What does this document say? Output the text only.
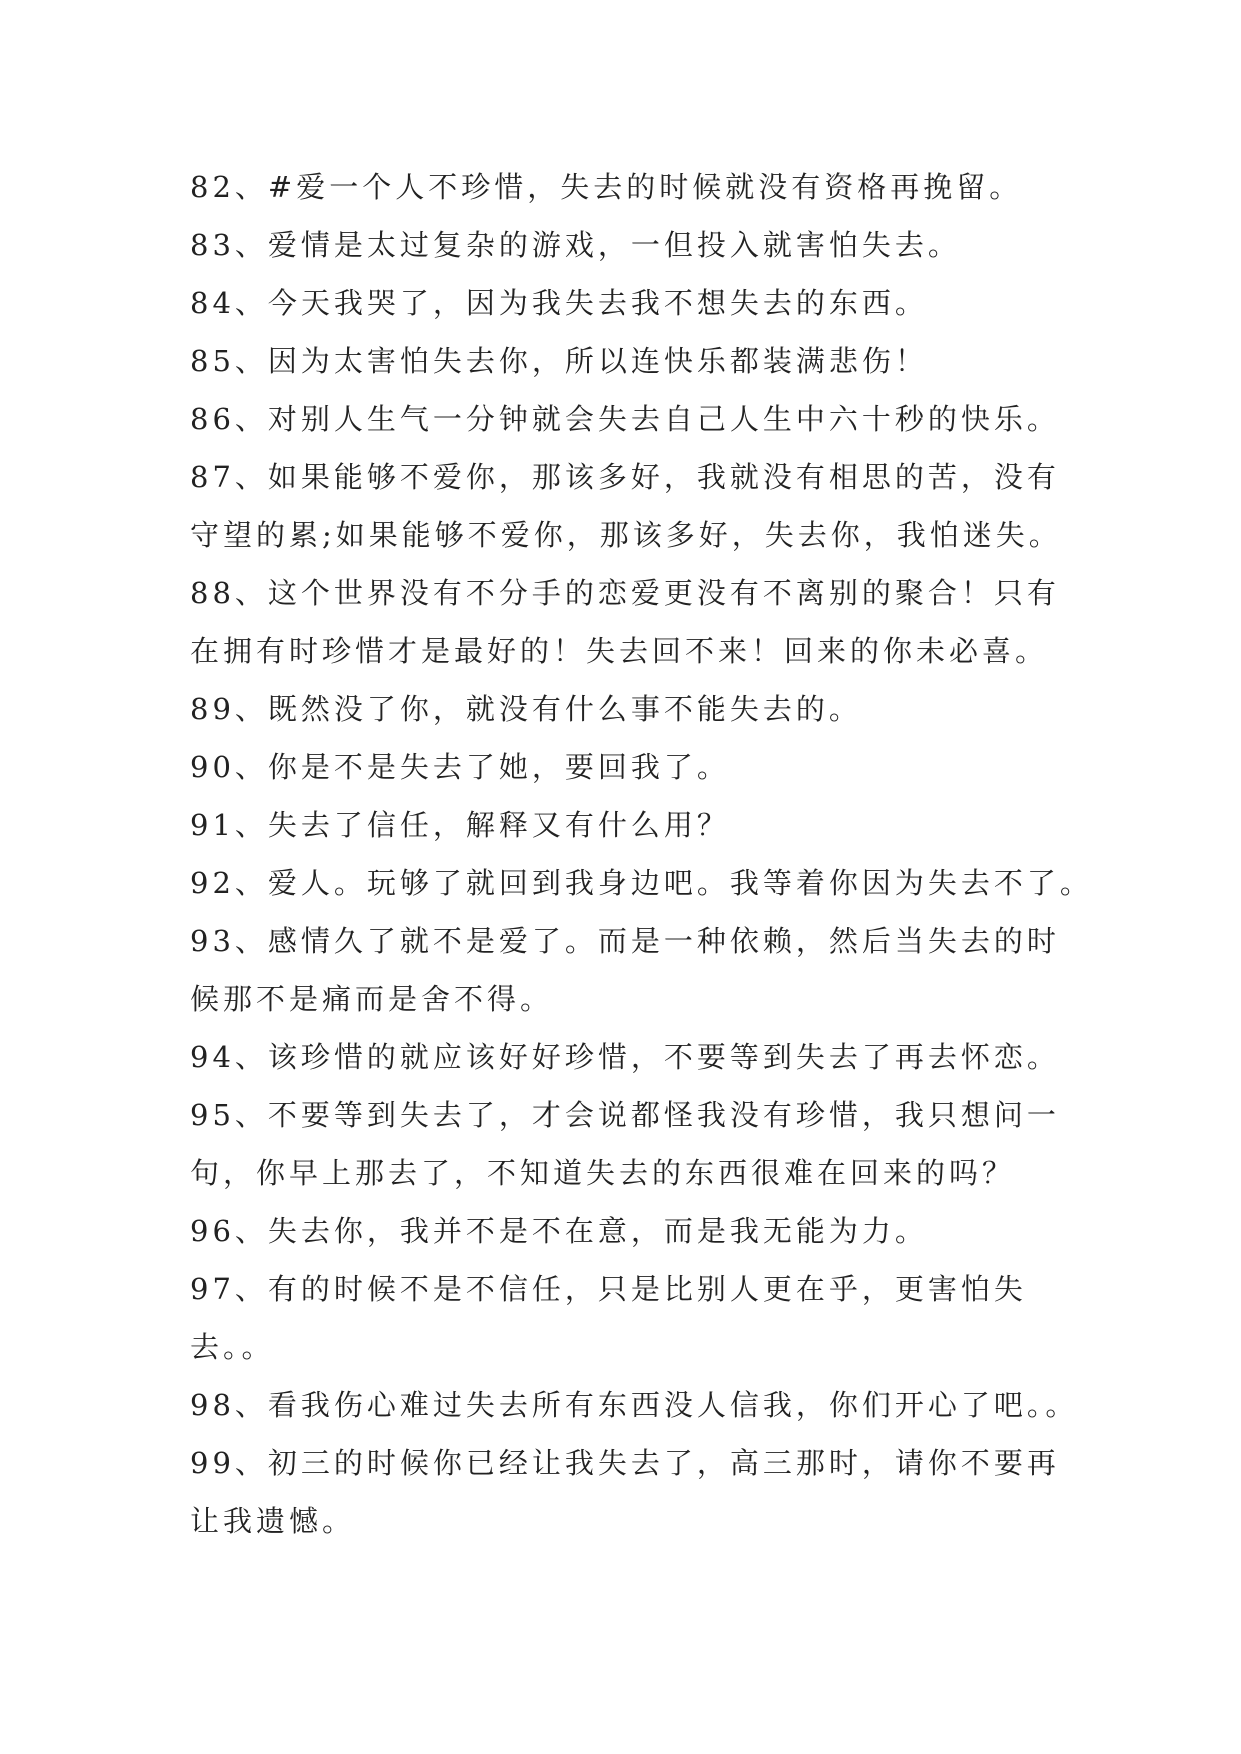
82、#爱一个人不珍惜，失去的时候就没有资格再挽留。
83、爱情是太过复杂的游戏，一但投入就害怕失去。
84、今天我哭了，因为我失去我不想失去的东西。
85、因为太害怕失去你，所以连快乐都装满悲伤！
86、对别人生气一分钟就会失去自己人生中六十秒的快乐。
87、如果能够不爱你，那该多好，我就没有相思的苦，没有
守望的累;如果能够不爱你，那该多好，失去你，我怕迷失。
88、这个世界没有不分手的恋爱更没有不离别的聚合！只有
在拥有时珍惜才是最好的！失去回不来！回来的你未必喜。
89、既然没了你，就没有什么事不能失去的。
90、你是不是失去了她，要回我了。
91、失去了信任，解释又有什么用？
92、爱人。玩够了就回到我身边吧。我等着你因为失去不了。
93、感情久了就不是爱了。而是一种依赖，然后当失去的时
候那不是痛而是舍不得。
94、该珍惜的就应该好好珍惜，不要等到失去了再去怀恋。
95、不要等到失去了，才会说都怪我没有珍惜，我只想问一
句，你早上那去了，不知道失去的东西很难在回来的吗？
96、失去你，我并不是不在意，而是我无能为力。
97、有的时候不是不信任，只是比别人更在乎，更害怕失
去。。
98、看我伤心难过失去所有东西没人信我，你们开心了吧。。
99、初三的时候你已经让我失去了，高三那时，请你不要再
让我遗憾。
